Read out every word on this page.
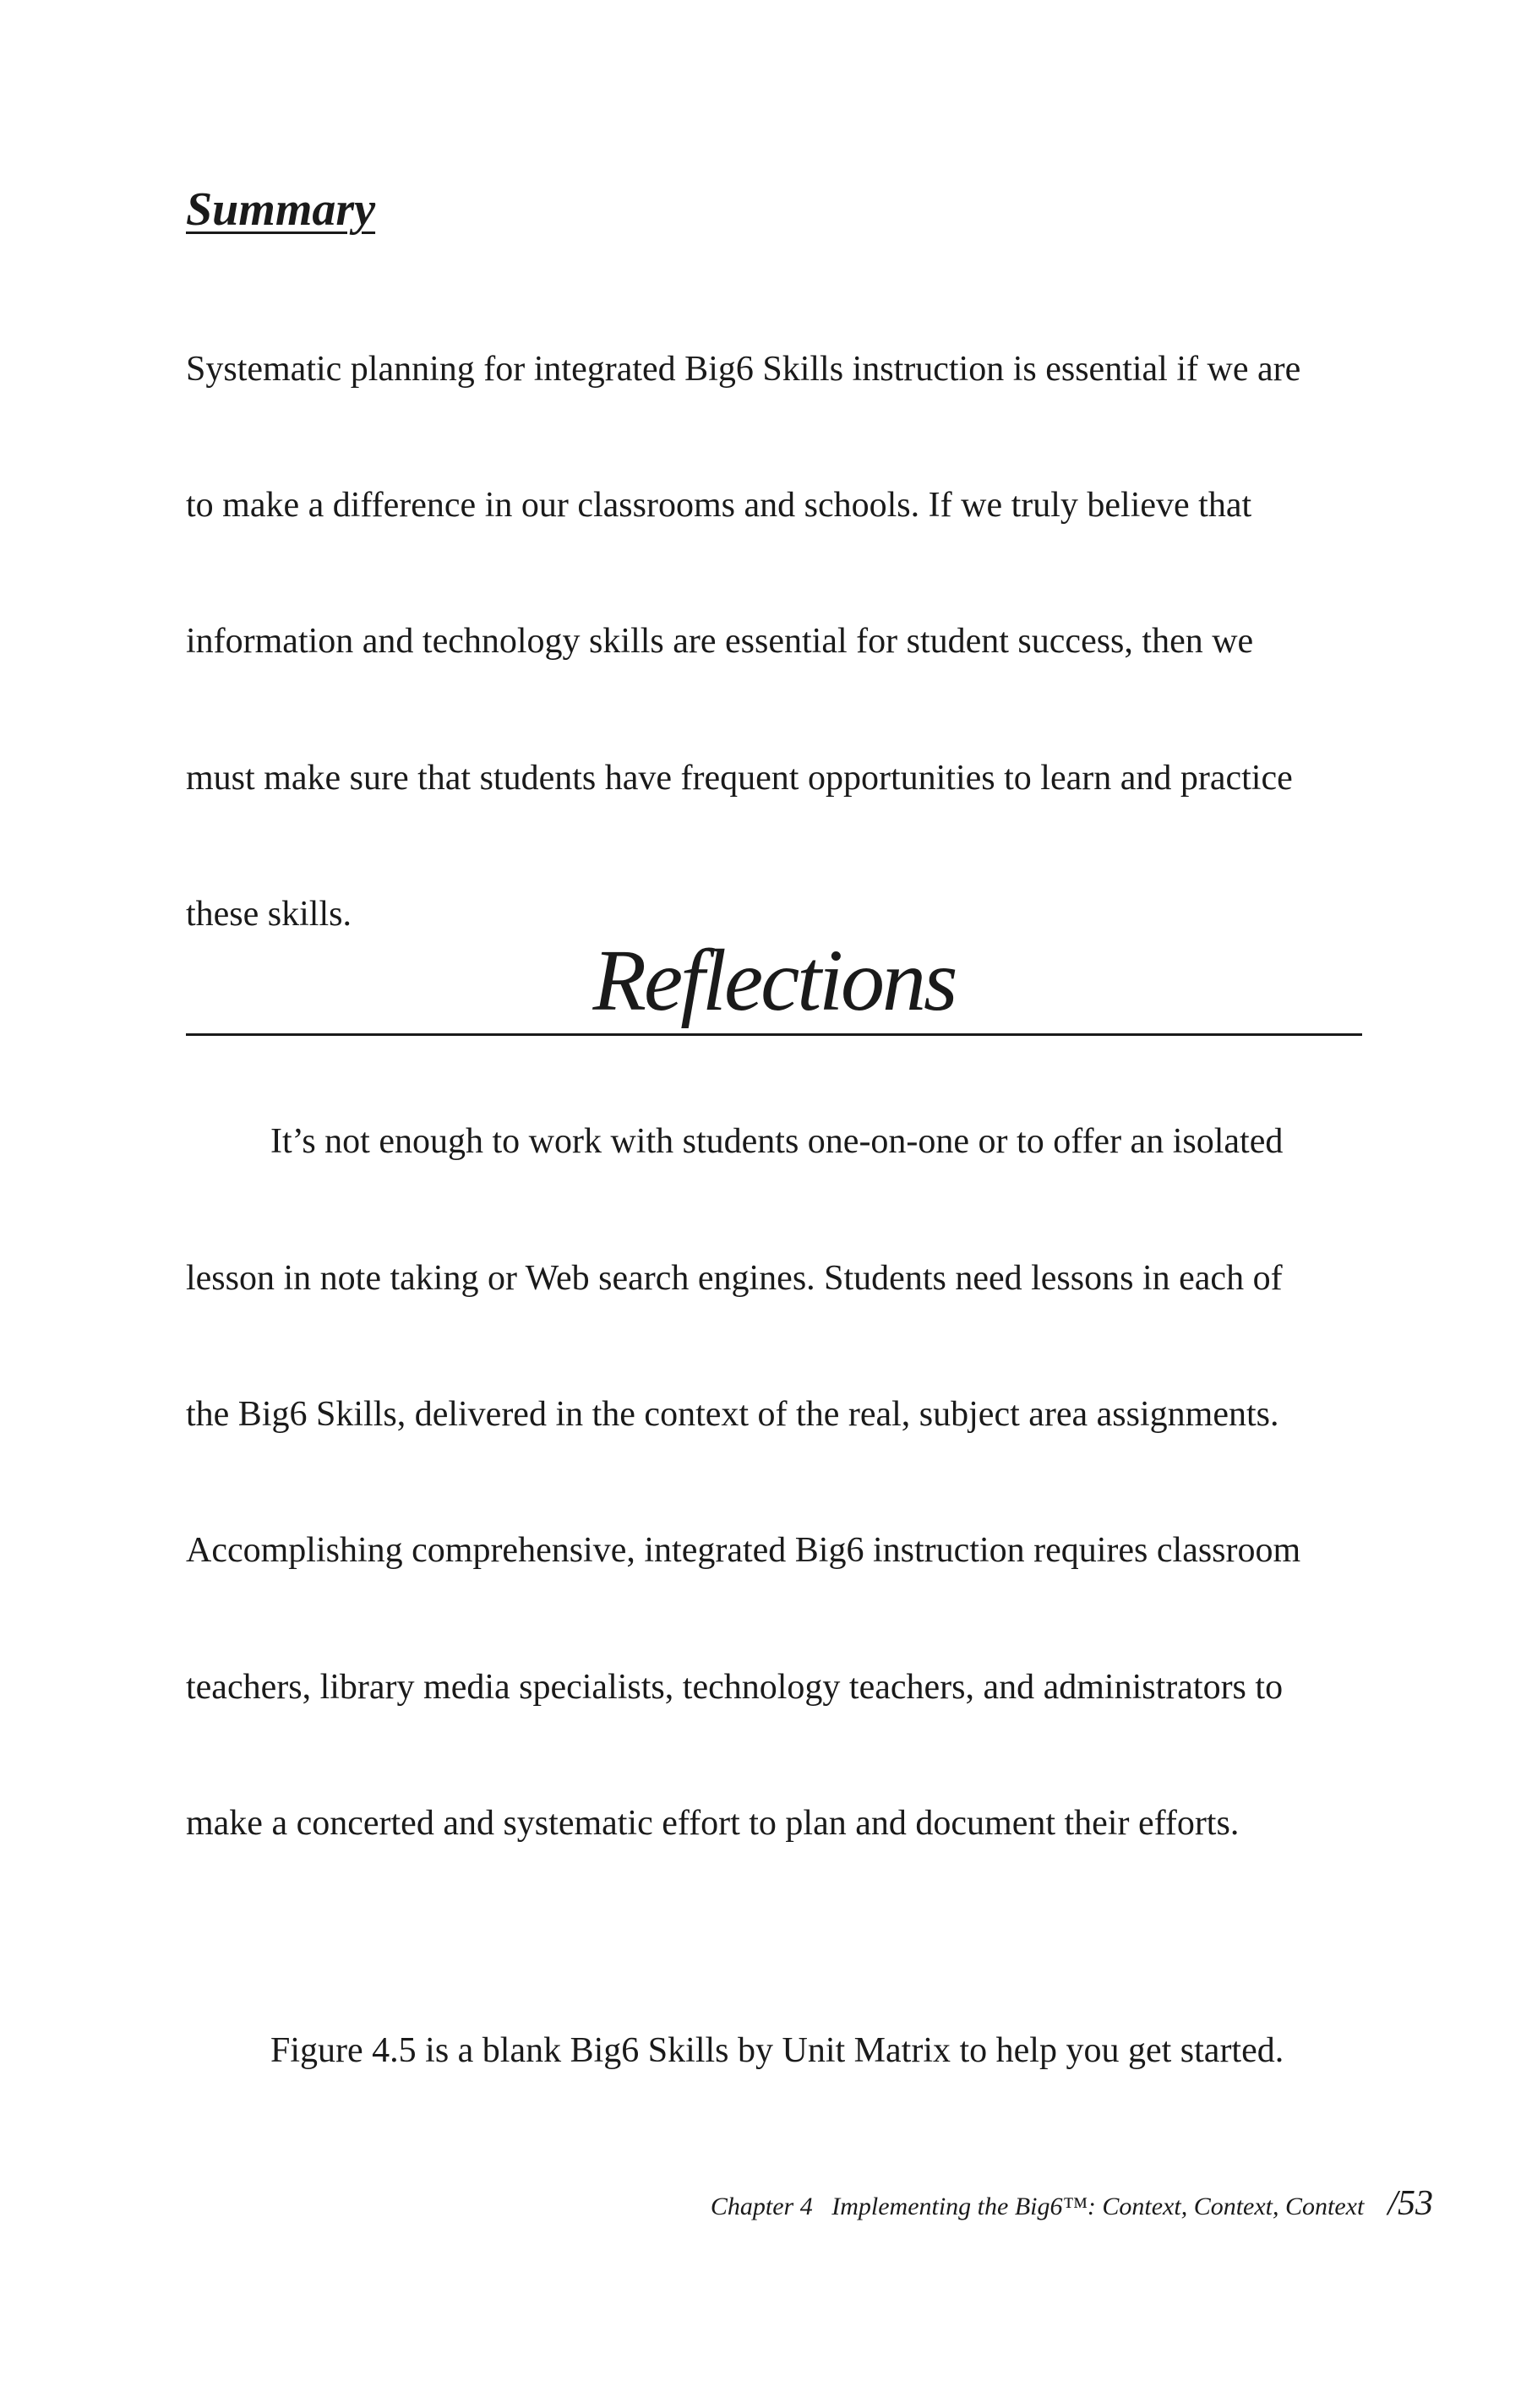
Summary

Systematic planning for integrated Big6 Skills instruction is essential if we are

to make a difference in our classrooms and schools. If we truly believe that

information and technology skills are essential for student success, then we

must make sure that students have frequent opportunities to learn and practice

these skills.

It’s not enough to work with students one-on-one or to offer an isolated

lesson in note taking or Web search engines. Students need lessons in each of

the Big6 Skills, delivered in the context of the real, subject area assignments.

Accomplishing comprehensive, integrated Big6 instruction requires classroom

teachers, library media specialists, technology teachers, and administrators to

make a concerted and systematic effort to plan and document their efforts.

Figure 4.5 is a blank Big6 Skills by Unit Matrix to help you get started.

Reflections
Chapter 4   Implementing the Big6™: Context, Context, Context /53
